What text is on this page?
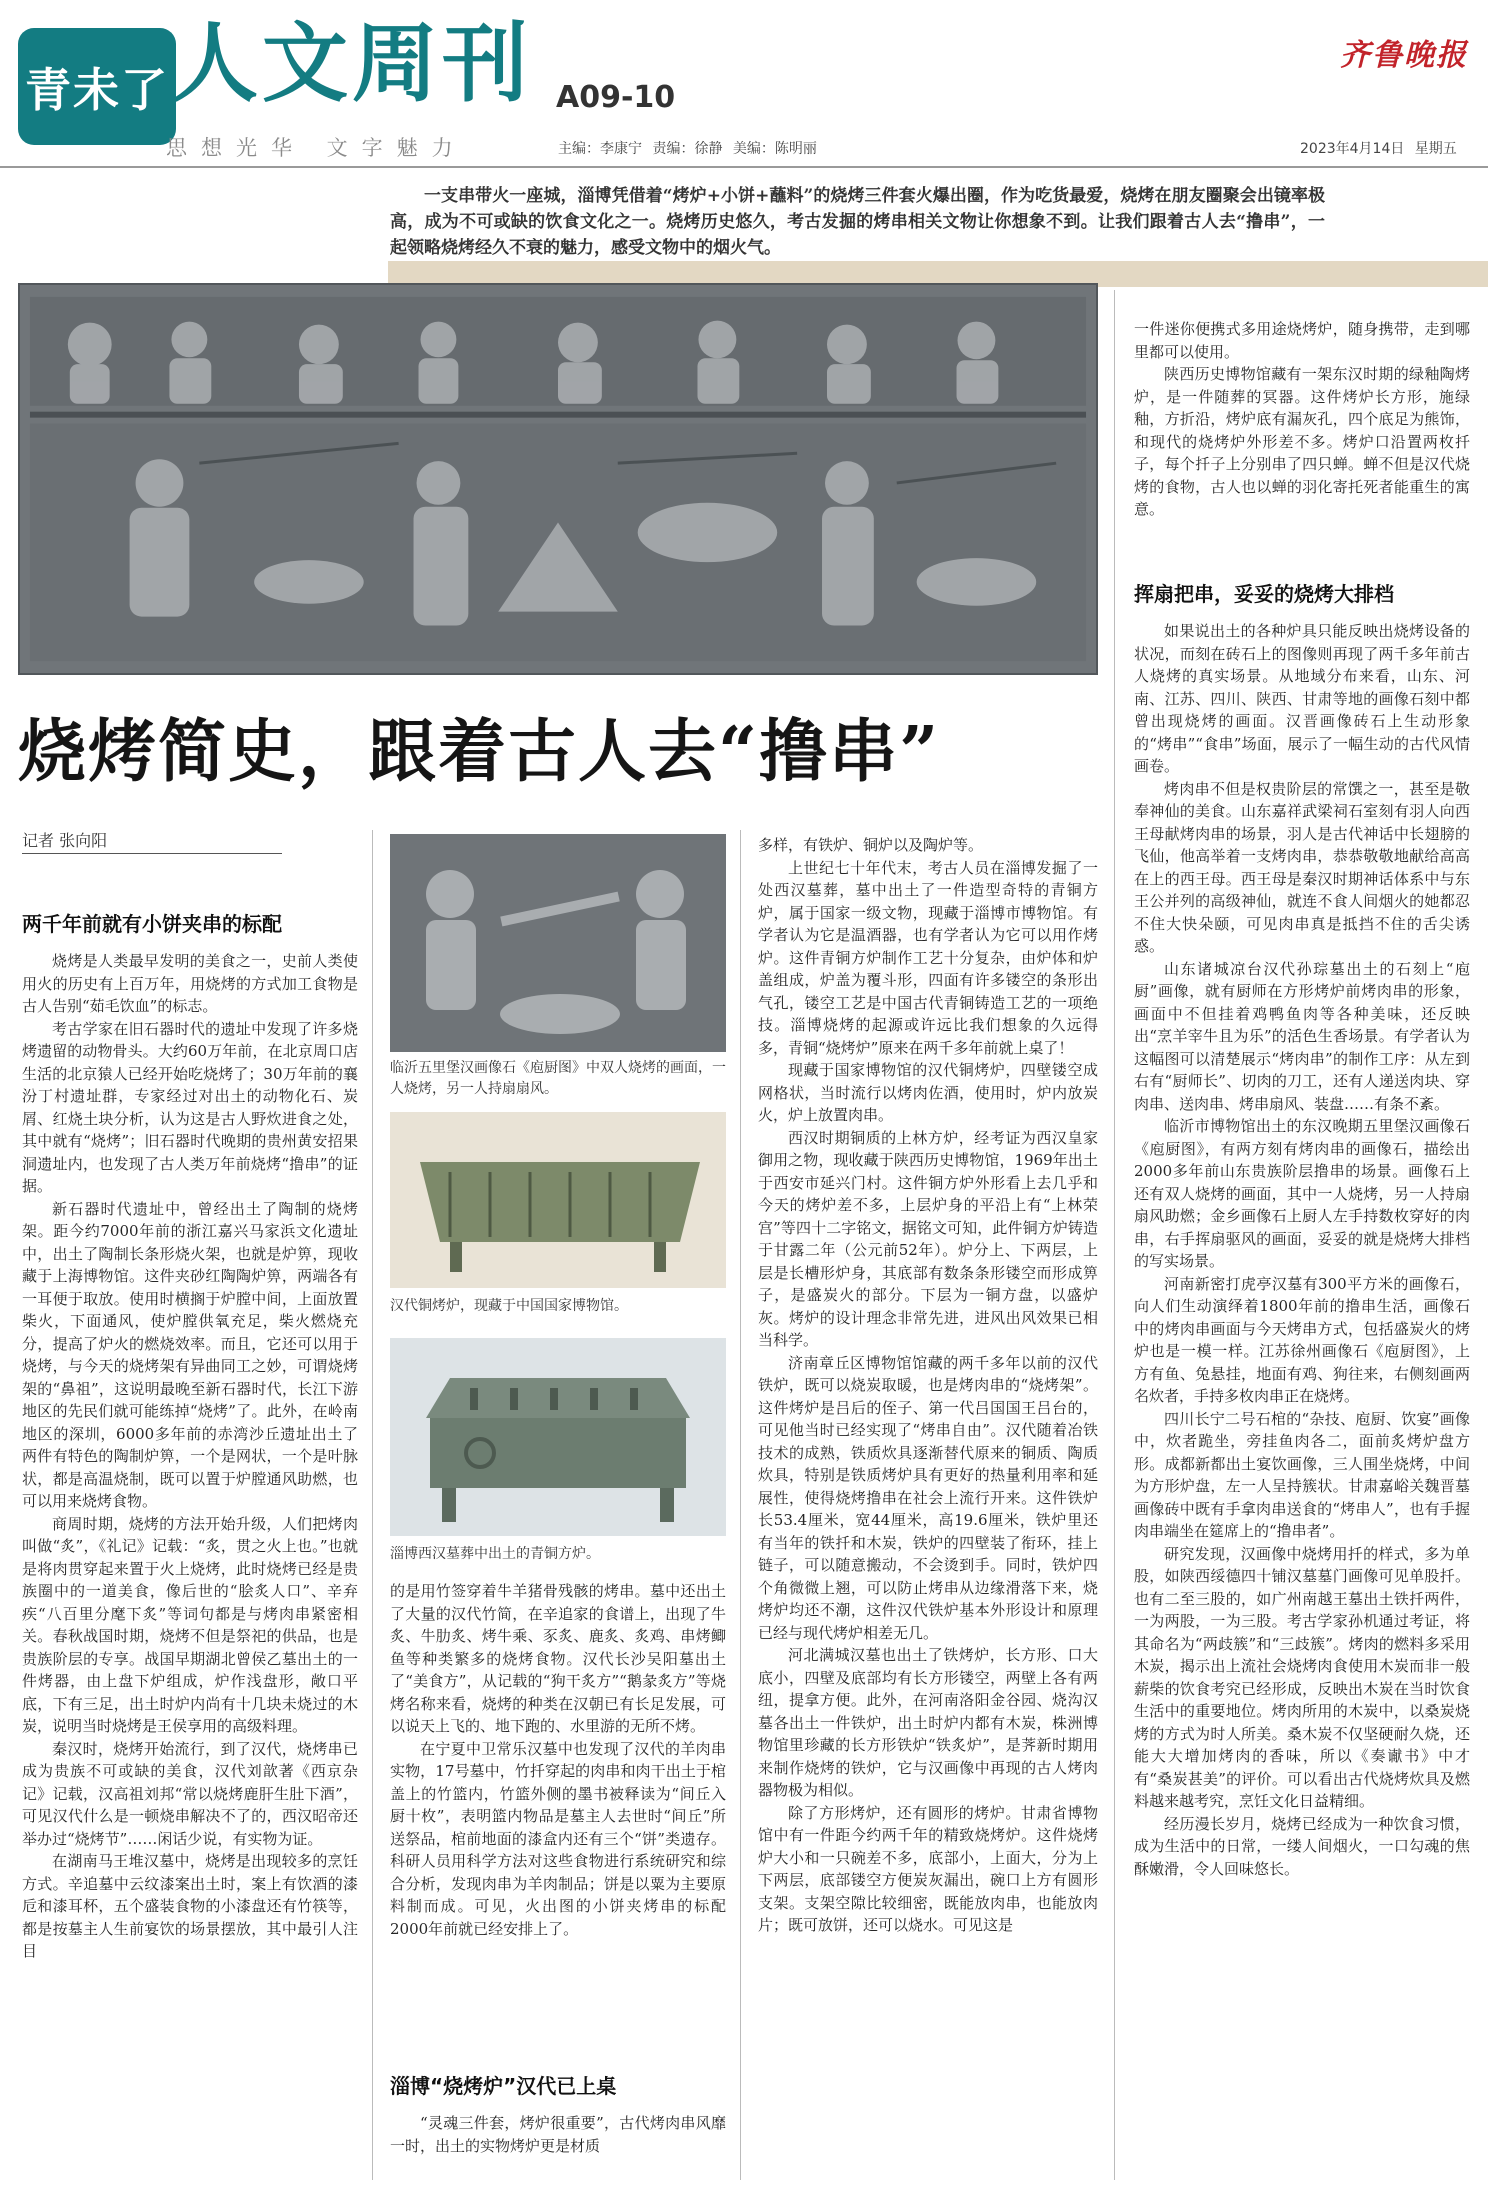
青未了 人文周刊 A09-10
思想光华 文字魅力
齐鲁晚报
主编：李康宁 责编：徐静 美编：陈明丽	2023年4月14日 星期五
一支串带火一座城，淄博凭借着“烤炉+小饼+蘸料”的烧烤三件套火爆出圈，作为吃货最爱，烧烤在朋友圈聚会出镜率极高，成为不可或缺的饮食文化之一。烧烤历史悠久，考古发掘的烤串相关文物让你想象不到。让我们跟着古人去“撸串”，一起领略烧烤经久不衰的魅力，感受文物中的烟火气。
烧烤简史，跟着古人去“撸串”
记者 张向阳
两千年前就有小饼夹串的标配

烧烤是人类最早发明的美食之一，史前人类使用火的历史有上百万年，用烧烤的方式加工食物是古人告别“茹毛饮血”的标志。

考古学家在旧石器时代的遗址中发现了许多烧烤遗留的动物骨头。大约60万年前，在北京周口店生活的北京猿人已经开始吃烧烤了；30万年前的襄汾丁村遗址群，专家经过对出土的动物化石、炭屑、红烧土块分析，认为这是古人野炊进食之处，其中就有“烧烤”；旧石器时代晚期的贵州黄安招果洞遗址内，也发现了古人类万年前烧烤“撸串”的证据。

新石器时代遗址中，曾经出土了陶制的烧烤架。距今约7000年前的浙江嘉兴马家浜文化遗址中，出土了陶制长条形烧火架，也就是炉箅，现收藏于上海博物馆。这件夹砂红陶陶炉箅，两端各有一耳便于取放。使用时横搁于炉膛中间，上面放置柴火，下面通风，使炉膛供氧充足，柴火燃烧充分，提高了炉火的燃烧效率。而且，它还可以用于烧烤，与今天的烧烤架有异曲同工之妙，可谓烧烤架的“鼻祖”，这说明最晚至新石器时代，长江下游地区的先民们就可能练掉“烧烤”了。此外，在岭南地区的深圳，6000多年前的赤湾沙丘遗址出土了两件有特色的陶制炉箅，一个是网状，一个是叶脉状，都是高温烧制，既可以置于炉膛通风助燃，也可以用来烧烤食物。

商周时期，烧烤的方法开始升级，人们把烤肉叫做“炙”，《礼记》记载：“炙，贯之火上也。”也就是将肉贯穿起来置于火上烧烤，此时烧烤已经是贵族圈中的一道美食，像后世的“脍炙人口”、辛弃疾“八百里分麾下炙”等词句都是与烤肉串紧密相关。春秋战国时期，烧烤不但是祭祀的供品，也是贵族阶层的专享。战国早期湖北曾侯乙墓出土的一件烤器，由上盘下炉组成，炉作浅盘形，敞口平底，下有三足，出土时炉内尚有十几块未烧过的木炭，说明当时烧烤是王侯享用的高级料理。

秦汉时，烧烤开始流行，到了汉代，烧烤串已成为贵族不可或缺的美食，汉代刘歆著《西京杂记》记载，汉高祖刘邦“常以烧烤鹿肝生肚下酒”，可见汉代什么是一顿烧串解决不了的，西汉昭帝还举办过“烧烤节”……闲话少说，有实物为证。

在湖南马王堆汉墓中，烧烤是出现较多的烹饪方式。辛追墓中云纹漆案出土时，案上有饮酒的漆卮和漆耳杯，五个盛装食物的小漆盘还有竹筷等，都是按墓主人生前宴饮的场景摆放，其中最引人注目

临沂五里堡汉画像石《庖厨图》中双人烧烤的画面，一人烧烤，另一人持扇扇风。
汉代铜烤炉，现藏于中国国家博物馆。
淄博西汉墓葬中出土的青铜方炉。

的是用竹签穿着牛羊猪骨残骸的烤串。墓中还出土了大量的汉代竹简，在辛追家的食谱上，出现了牛炙、牛肋炙、烤牛乘、豕炙、鹿炙、炙鸡、串烤鲫鱼等种类繁多的烧烤食物。汉代长沙吴阳墓出土了“美食方”，从记载的“狗干炙方”“鹅彖炙方”等烧烤名称来看，烧烤的种类在汉朝已有长足发展，可以说天上飞的、地下跑的、水里游的无所不烤。

在宁夏中卫常乐汉墓中也发现了汉代的羊肉串实物，17号墓中，竹扦穿起的肉串和肉干出土于棺盖上的竹篮内，竹篮外侧的墨书被释读为“间丘入厨十枚”，表明篮内物品是墓主人去世时“间丘”所送祭品，棺前地面的漆盒内还有三个“饼”类遗存。科研人员用科学方法对这些食物进行系统研究和综合分析，发现肉串为羊肉制品；饼是以粟为主要原料制而成。可见，火出图的小饼夹烤串的标配2000年前就已经安排上了。

淄博“烧烤炉”汉代已上桌

“灵魂三件套，烤炉很重要”，古代烤肉串风靡一时，出土的实物烤炉更是材质

多样，有铁炉、铜炉以及陶炉等。

上世纪七十年代末，考古人员在淄博发掘了一处西汉墓葬，墓中出土了一件造型奇特的青铜方炉，属于国家一级文物，现藏于淄博市博物馆。有学者认为它是温酒器，也有学者认为它可以用作烤炉。这件青铜方炉制作工艺十分复杂，由炉体和炉盖组成，炉盖为覆斗形，四面有许多镂空的条形出气孔，镂空工艺是中国古代青铜铸造工艺的一项绝技。淄博烧烤的起源或许远比我们想象的久远得多，青铜“烧烤炉”原来在两千多年前就上桌了！

现藏于国家博物馆的汉代铜烤炉，四壁镂空成网格状，当时流行以烤肉佐酒，使用时，炉内放炭火，炉上放置肉串。

西汉时期铜质的上林方炉，经考证为西汉皇家御用之物，现收藏于陕西历史博物馆，1969年出土于西安市延兴门村。这件铜方炉外形看上去几乎和今天的烤炉差不多，上层炉身的平沿上有“上林荣宫”等四十二字铭文，据铭文可知，此件铜方炉铸造于甘露二年（公元前52年）。炉分上、下两层，上层是长槽形炉身，其底部有数条条形镂空而形成箅子，是盛炭火的部分。下层为一铜方盘，以盛炉灰。烤炉的设计理念非常先进，进风出风效果已相当科学。

济南章丘区博物馆馆藏的两千多年以前的汉代铁炉，既可以烧炭取暖，也是烤肉串的“烧烤架”。这件烤炉是吕后的侄子、第一代吕国国王吕台的，可见他当时已经实现了“烤串自由”。汉代随着冶铁技术的成熟，铁质炊具逐渐替代原来的铜质、陶质炊具，特别是铁质烤炉具有更好的热量利用率和延展性，使得烧烤撸串在社会上流行开来。这件铁炉长53.4厘米，宽44厘米，高19.6厘米，铁炉里还有当年的铁扦和木炭，铁炉的四壁装了衔环，挂上链子，可以随意搬动，不会烫到手。同时，铁炉四个角微微上翘，可以防止烤串从边缘滑落下来，烧烤炉均还不潮，这件汉代铁炉基本外形设计和原理已经与现代烤炉相差无几。

河北满城汉墓也出土了铁烤炉，长方形、口大底小，四壁及底部均有长方形镂空，两壁上各有两纽，提拿方便。此外，在河南洛阳金谷园、烧沟汉墓各出土一件铁炉，出土时炉内都有木炭，株洲博物馆里珍藏的长方形铁炉“铁炙炉”，是荠新时期用来制作烧烤的铁炉，它与汉画像中再现的古人烤肉器物极为相似。

除了方形烤炉，还有圆形的烤炉。甘肃省博物馆中有一件距今约两千年的精致烧烤炉。这件烧烤炉大小和一只碗差不多，底部小，上面大，分为上下两层，底部镂空方便炭灰漏出，碗口上方有圆形支架。支架空隙比较细密，既能放肉串，也能放肉片；既可放饼，还可以烧水。可见这是

一件迷你便携式多用途烧烤炉，随身携带，走到哪里都可以使用。

陕西历史博物馆藏有一架东汉时期的绿釉陶烤炉，是一件随葬的冥器。这件烤炉长方形，施绿釉，方折沿，烤炉底有漏灰孔，四个底足为熊饰，和现代的烧烤炉外形差不多。烤炉口沿置两枚扦子，每个扦子上分别串了四只蝉。蝉不但是汉代烧烤的食物，古人也以蝉的羽化寄托死者能重生的寓意。

挥扇把串，妥妥的烧烤大排档

如果说出土的各种炉具只能反映出烧烤设备的状况，而刻在砖石上的图像则再现了两千多年前古人烧烤的真实场景。从地域分布来看，山东、河南、江苏、四川、陕西、甘肃等地的画像石刻中都曾出现烧烤的画面。汉晋画像砖石上生动形象的“烤串”“食串”场面，展示了一幅生动的古代风情画卷。

烤肉串不但是权贵阶层的常馔之一，甚至是敬奉神仙的美食。山东嘉祥武梁祠石室刻有羽人向西王母献烤肉串的场景，羽人是古代神话中长翅膀的飞仙，他高举着一支烤肉串，恭恭敬敬地献给高高在上的西王母。西王母是秦汉时期神话体系中与东王公并列的高级神仙，就连不食人间烟火的她都忍不住大快朵颐，可见肉串真是抵挡不住的舌尖诱惑。

山东诸城凉台汉代孙琮墓出土的石刻上“庖厨”画像，就有厨师在方形烤炉前烤肉串的形象，画面中不但挂着鸡鸭鱼肉等各种美味，还反映出“烹羊宰牛且为乐”的活色生香场景。有学者认为这幅图可以清楚展示“烤肉串”的制作工序：从左到右有“厨师长”、切肉的刀工，还有人递送肉块、穿肉串、送肉串、烤串扇风、装盘……有条不紊。

临沂市博物馆出土的东汉晚期五里堡汉画像石《庖厨图》，有两方刻有烤肉串的画像石，描绘出2000多年前山东贵族阶层撸串的场景。画像石上还有双人烧烤的画面，其中一人烧烤，另一人持扇扇风助燃；金乡画像石上厨人左手持数枚穿好的肉串，右手挥扇驱风的画面，妥妥的就是烧烤大排档的写实场景。

河南新密打虎亭汉墓有300平方米的画像石，向人们生动演绎着1800年前的撸串生活，画像石中的烤肉串画面与今天烤串方式，包括盛炭火的烤炉也是一模一样。江苏徐州画像石《庖厨图》，上方有鱼、兔悬挂，地面有鸡、狗往来，右侧刻画两名炊者，手持多枚肉串正在烧烤。

四川长宁二号石棺的“杂技、庖厨、饮宴”画像中，炊者跪坐，旁挂鱼肉各二，面前炙烤炉盘方形。成都新都出土宴饮画像，三人围坐烧烤，中间为方形炉盘，左一人呈持簇状。甘肃嘉峪关魏晋墓画像砖中既有手拿肉串送食的“烤串人”，也有手握肉串端坐在筵席上的“撸串者”。

研究发现，汉画像中烧烤用扦的样式，多为单股，如陕西绥德四十铺汉墓墓门画像可见单股扦。也有二至三股的，如广州南越王墓出土铁扦两件，一为两股，一为三股。考古学家孙机通过考证，将其命名为“两歧簇”和“三歧簇”。烤肉的燃料多采用木炭，揭示出上流社会烧烤肉食使用木炭而非一般薪柴的饮食考究已经形成，反映出木炭在当时饮食生活中的重要地位。烤肉所用的木炭中，以桑炭烧烤的方式为时人所美。桑木炭不仅坚硬耐久烧，还能大大增加烤肉的香味，所以《奏谳书》中才有“桑炭甚美”的评价。可以看出古代烧烤炊具及燃料越来越考究，烹饪文化日益精细。

经历漫长岁月，烧烤已经成为一种饮食习惯，成为生活中的日常，一缕人间烟火，一口勾魂的焦酥嫩滑，令人回味悠长。
